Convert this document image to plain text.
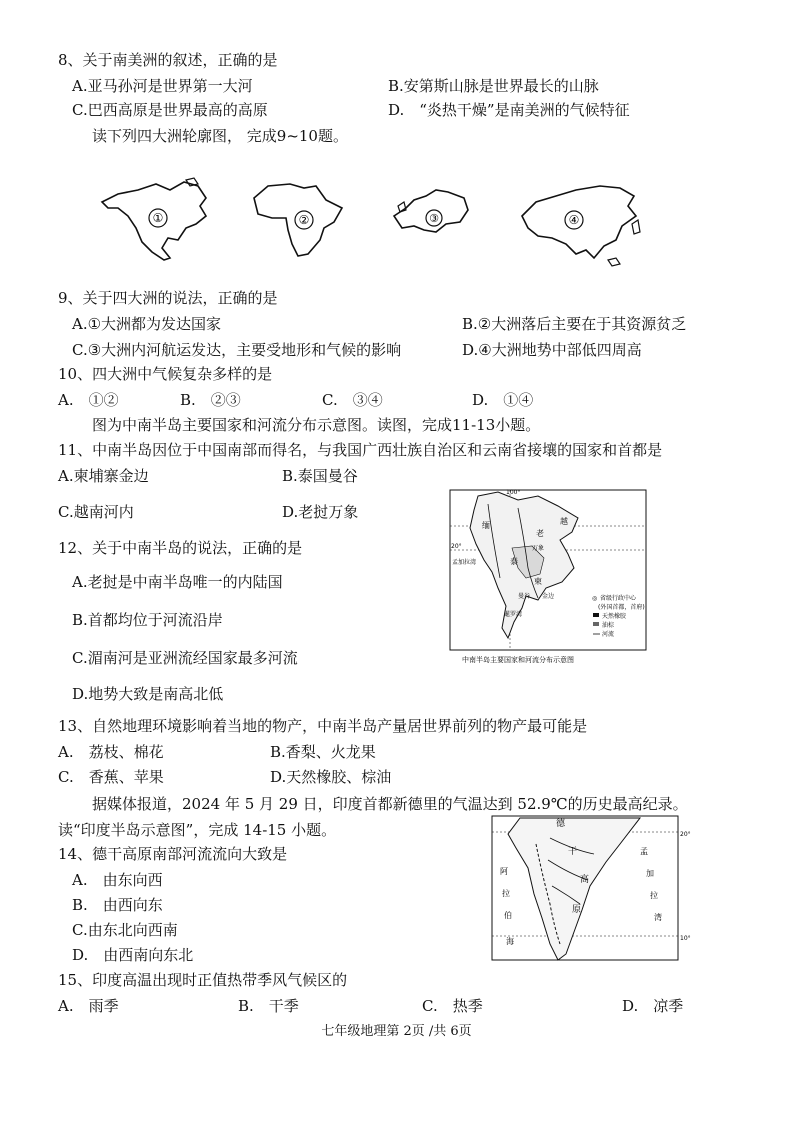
8、关于南美洲的叙述，正确的是
A.亚马孙河是世界第一大河	B.安第斯山脉是世界最长的山脉
C.巴西高原是世界最高的高原	D.　“炎热干燥”是南美洲的气候特征
读下列四大洲轮廓图， 完成9~10题。
①	②	③	④
9、关于四大洲的说法，正确的是
A.①大洲都为发达国家	B.②大洲落后主要在于其资源贫乏
C.③大洲内河航运发达，主要受地形和气候的影响	D.④大洲地势中部低四周高
10、四大洲中气候复杂多样的是
A.　①②	B.　②③	C.　③④	D.　①④
图为中南半岛主要国家和河流分布示意图。读图，完成11-13小题。
11、中南半岛因位于中国南部而得名，与我国广西壮族自治区和云南省接壤的国家和首都是
A.柬埔寨金边	B.泰国曼谷
C.越南河内	D.老挝万象
100°
20°
缅
老
泰
越
柬
孟加拉湾
万象
曼谷 金边
暹罗湾
◎ 省级行政中心
(外国首都，首府)
天然橡胶
油棕
河流
中南半岛主要国家和河流分布示意图
12、关于中南半岛的说法，正确的是
A.老挝是中南半岛唯一的内陆国
B.首都均位于河流沿岸
C.湄南河是亚洲流经国家最多河流
D.地势大致是南高北低
13、自然地理环境影响着当地的物产，中南半岛产量居世界前列的物产最可能是
A.　荔枝、棉花	B.香梨、火龙果
C.　香蕉、苹果	D.天然橡胶、棕油
据媒体报道，2024 年 5 月 29 日，印度首都新德里的气温达到 52.9℃的历史最高纪录。
读“印度半岛示意图”，完成 14-15 小题。	20°
10°
德
干
高
原
孟
加
拉
湾
阿
拉
伯
海
14、德干高原南部河流流向大致是
A.　由东向西
B.　由西向东
C.由东北向西南
D.　由西南向东北
15、印度高温出现时正值热带季风气候区的
A.　雨季	B.　干季	C.　热季	D.　凉季
七年级地理第 2页 /共 6页
